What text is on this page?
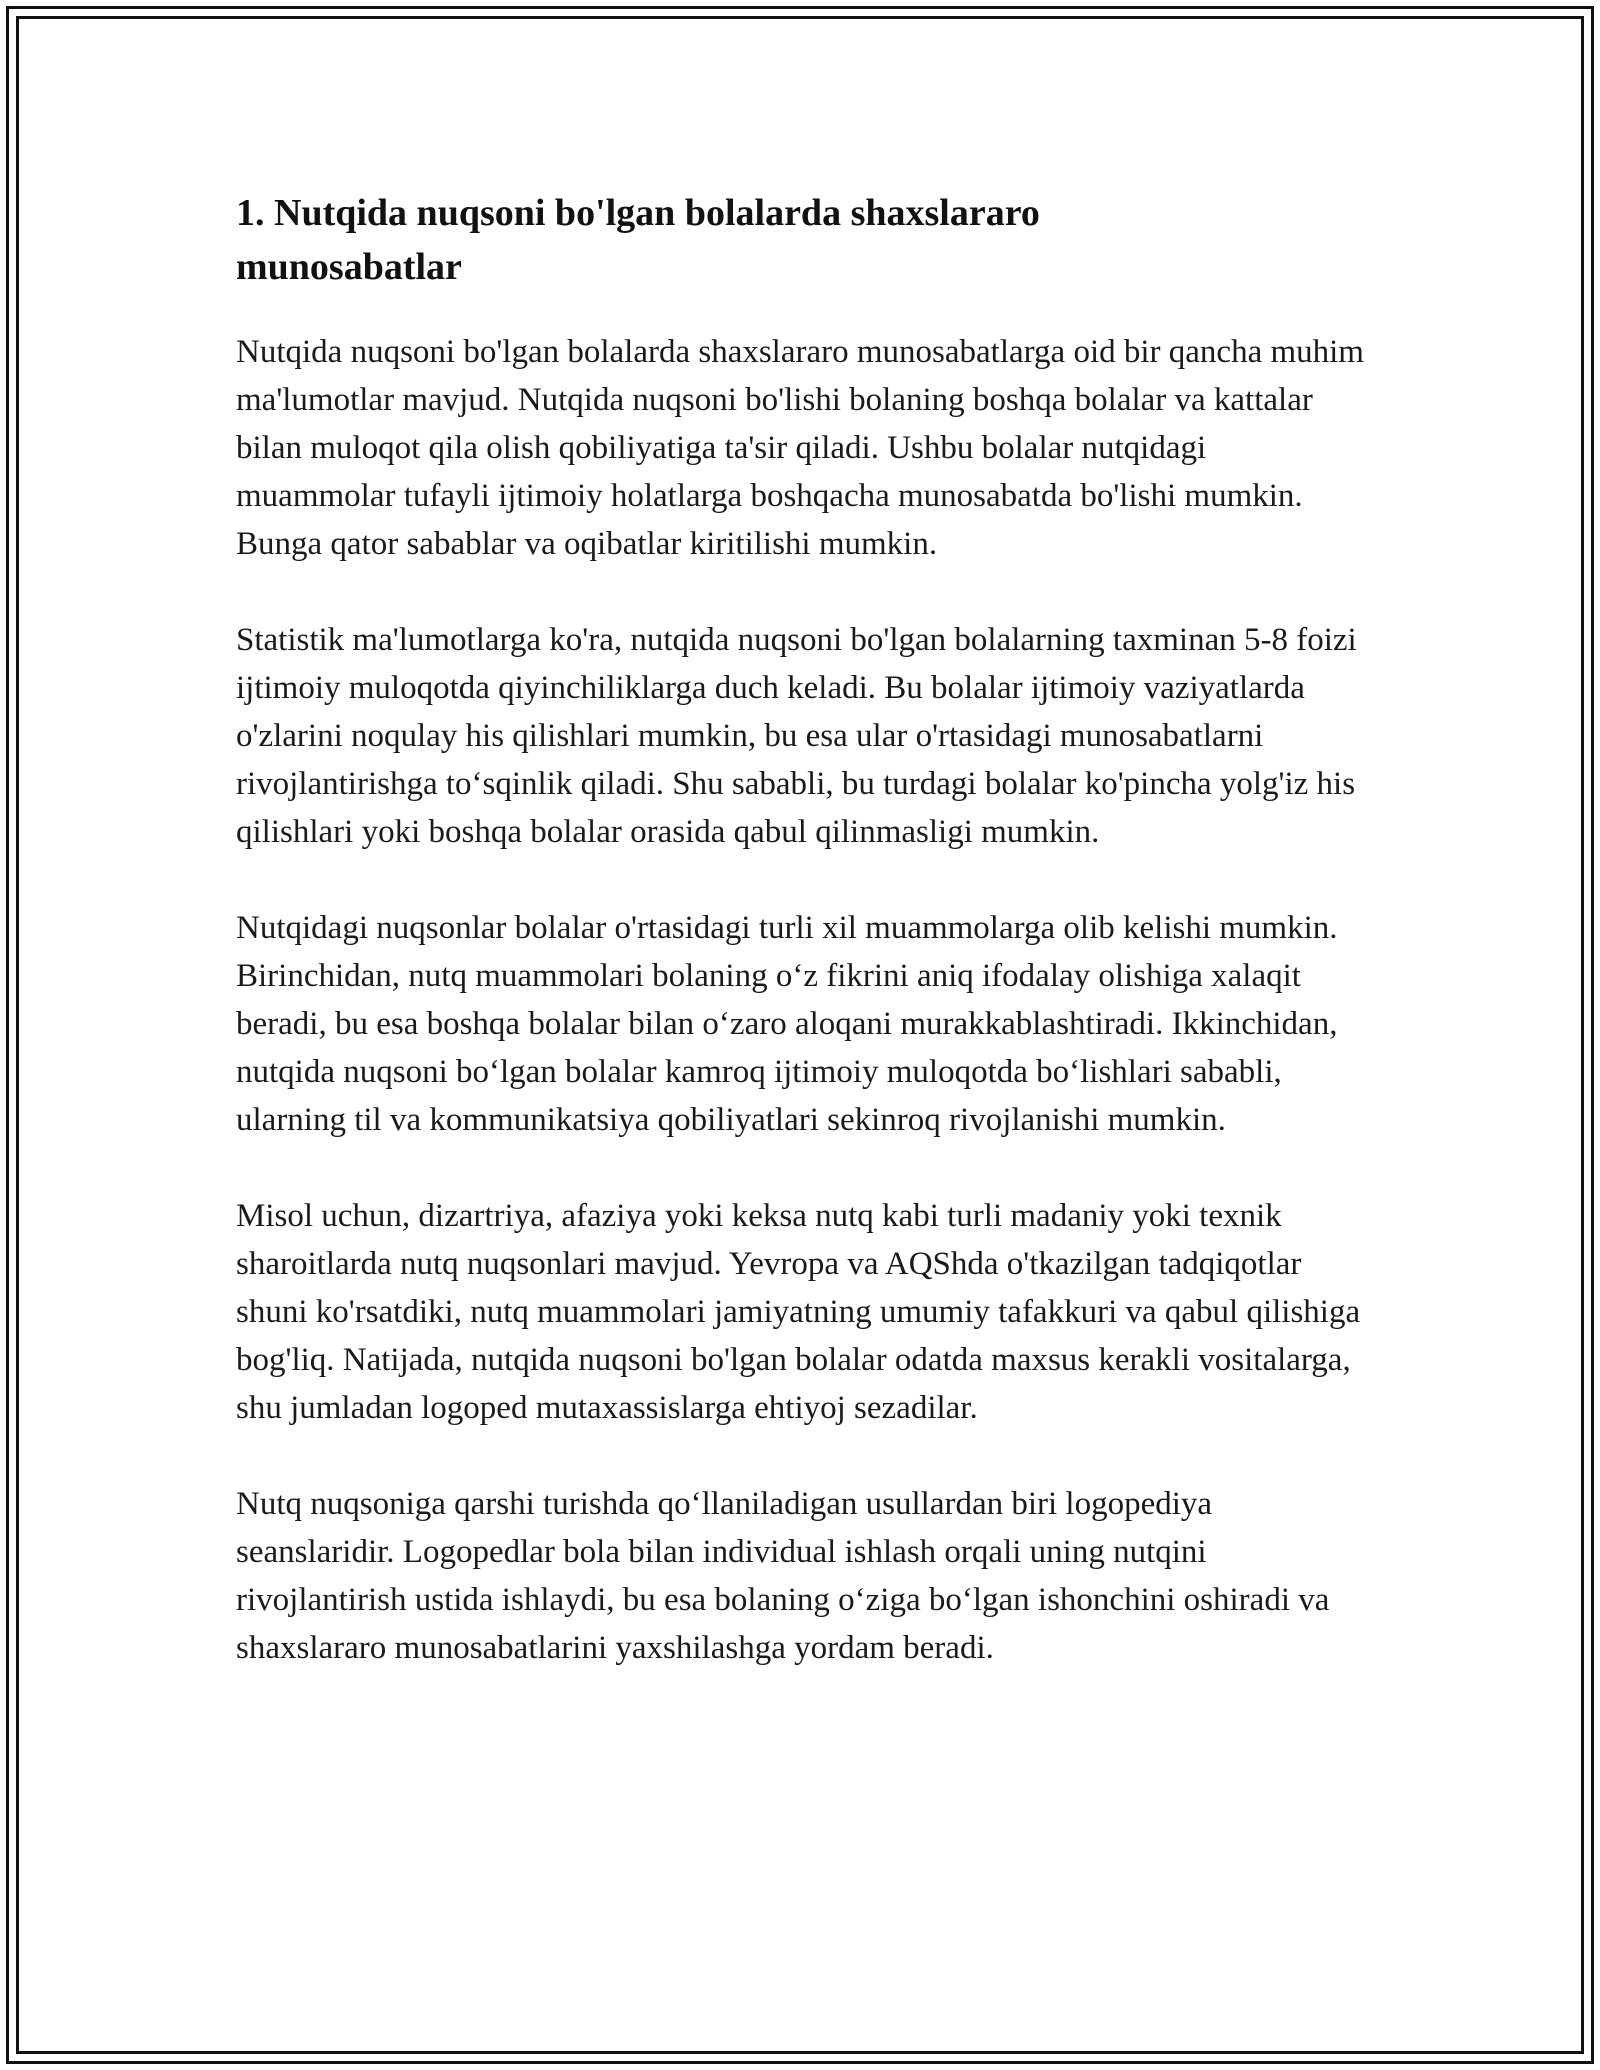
1. Nutqida nuqsoni bo'lgan bolalarda shaxslararo munosabatlar

Nutqida nuqsoni bo'lgan bolalarda shaxslararo munosabatlarga oid bir qancha muhim ma'lumotlar mavjud. Nutqida nuqsoni bo'lishi bolaning boshqa bolalar va kattalar bilan muloqot qila olish qobiliyatiga ta'sir qiladi. Ushbu bolalar nutqidagi muammolar tufayli ijtimoiy holatlarga boshqacha munosabatda bo'lishi mumkin. Bunga qator sabablar va oqibatlar kiritilishi mumkin.

Statistik ma'lumotlarga ko'ra, nutqida nuqsoni bo'lgan bolalarning taxminan 5-8 foizi ijtimoiy muloqotda qiyinchiliklarga duch keladi. Bu bolalar ijtimoiy vaziyatlarda o'zlarini noqulay his qilishlari mumkin, bu esa ular o'rtasidagi munosabatlarni rivojlantirishga to‘sqinlik qiladi. Shu sababli, bu turdagi bolalar ko'pincha yolg'iz his qilishlari yoki boshqa bolalar orasida qabul qilinmasligi mumkin.

Nutqidagi nuqsonlar bolalar o'rtasidagi turli xil muammolarga olib kelishi mumkin. Birinchidan, nutq muammolari bolaning o‘z fikrini aniq ifodalay olishiga xalaqit beradi, bu esa boshqa bolalar bilan o‘zaro aloqani murakkablashtiradi. Ikkinchidan, nutqida nuqsoni bo‘lgan bolalar kamroq ijtimoiy muloqotda bo‘lishlari sababli, ularning til va kommunikatsiya qobiliyatlari sekinroq rivojlanishi mumkin.

Misol uchun, dizartriya, afaziya yoki keksa nutq kabi turli madaniy yoki texnik sharoitlarda nutq nuqsonlari mavjud. Yevropa va AQShda o'tkazilgan tadqiqotlar shuni ko'rsatdiki, nutq muammolari jamiyatning umumiy tafakkuri va qabul qilishiga bog'liq. Natijada, nutqida nuqsoni bo'lgan bolalar odatda maxsus kerakli vositalarga, shu jumladan logoped mutaxassislarga ehtiyoj sezadilar.

Nutq nuqsoniga qarshi turishda qo‘llaniladigan usullardan biri logopediya seanslaridir. Logopedlar bola bilan individual ishlash orqali uning nutqini rivojlantirish ustida ishlaydi, bu esa bolaning o‘ziga bo‘lgan ishonchini oshiradi va shaxslararo munosabatlarini yaxshilashga yordam beradi.
